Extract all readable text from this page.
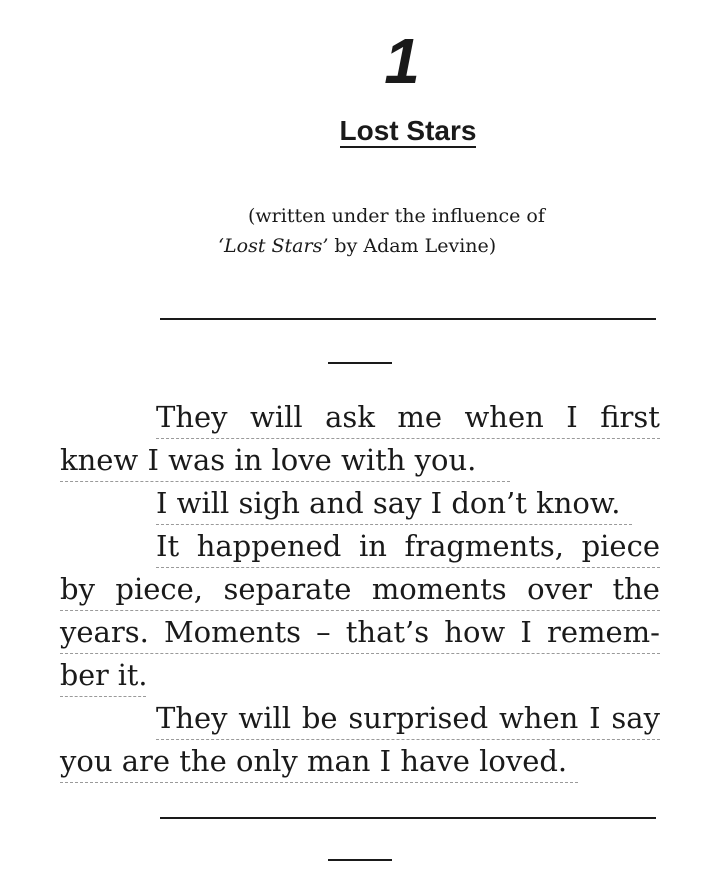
1
Lost Stars
(written under the influence of
‘Lost Stars’ by Adam Levine)
They will ask me when I first
knew I was in love with you.
I will sigh and say I don’t know.
It happened in fragments, piece
by piece, separate moments over the
years. Moments – that’s how I remem-
ber it.
They will be surprised when I say
you are the only man I have loved.
